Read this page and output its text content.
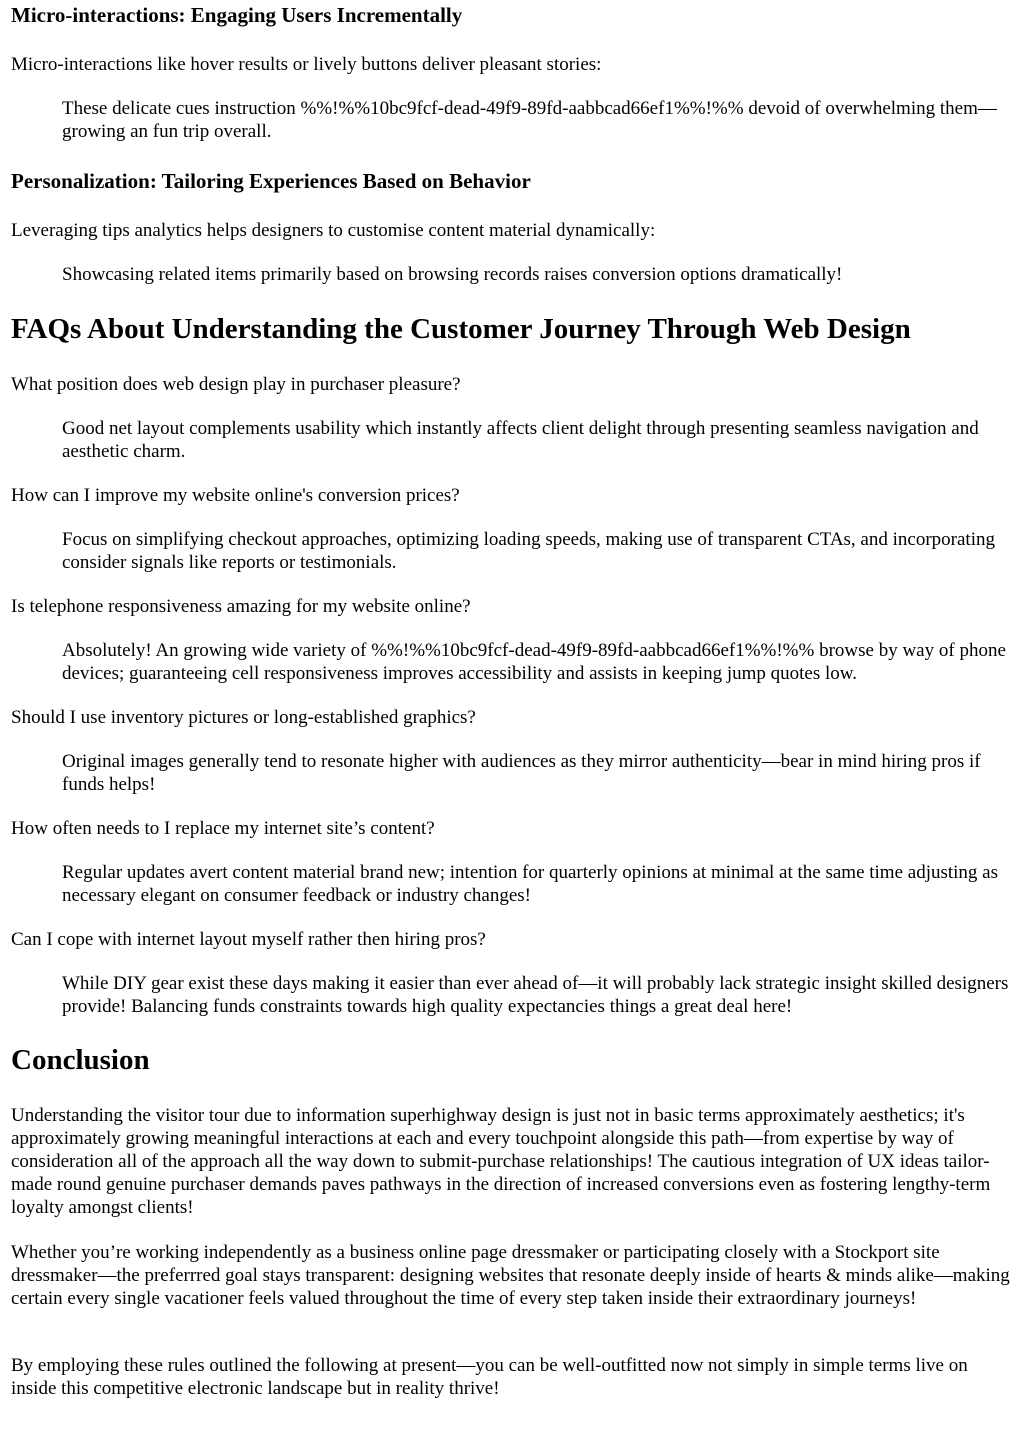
Micro-interactions: Engaging Users Incrementally

Micro-interactions like hover results or lively buttons deliver pleasant stories:

These delicate cues instruction %%!%%10bc9fcf-dead-49f9-89fd-aabbcad66ef1%%!%% devoid of overwhelming them—growing an fun trip overall.
Personalization: Tailoring Experiences Based on Behavior

Leveraging tips analytics helps designers to customise content material dynamically:

Showcasing related items primarily based on browsing records raises conversion options dramatically!
FAQs About Understanding the Customer Journey Through Web Design

What position does web design play in purchaser pleasure?

Good net layout complements usability which instantly affects client delight through presenting seamless navigation and aesthetic charm.

How can I improve my website online's conversion prices?

Focus on simplifying checkout approaches, optimizing loading speeds, making use of transparent CTAs, and incorporating consider signals like reports or testimonials.

Is telephone responsiveness amazing for my website online?

Absolutely! An growing wide variety of %%!%%10bc9fcf-dead-49f9-89fd-aabbcad66ef1%%!%% browse by way of phone devices; guaranteeing cell responsiveness improves accessibility and assists in keeping jump quotes low.

Should I use inventory pictures or long-established graphics?

Original images generally tend to resonate higher with audiences as they mirror authenticity—bear in mind hiring pros if funds helps!

How often needs to I replace my internet site’s content?

Regular updates avert content material brand new; intention for quarterly opinions at minimal at the same time adjusting as necessary elegant on consumer feedback or industry changes!

Can I cope with internet layout myself rather then hiring pros?

While DIY gear exist these days making it easier than ever ahead of—it will probably lack strategic insight skilled designers provide! Balancing funds constraints towards high quality expectancies things a great deal here!
Conclusion

Understanding the visitor tour due to information superhighway design is just not in basic terms approximately aesthetics; it's approximately growing meaningful interactions at each and every touchpoint alongside this path—from expertise by way of consideration all of the approach all the way down to submit-purchase relationships! The cautious integration of UX ideas tailor-made round genuine purchaser demands paves pathways in the direction of increased conversions even as fostering lengthy-term loyalty amongst clients!

Whether you’re working independently as a business online page dressmaker or participating closely with a Stockport site dressmaker—the preferrred goal stays transparent: designing websites that resonate deeply inside of hearts & minds alike—making certain every single vacationer feels valued throughout the time of every step taken inside their extraordinary journeys!

By employing these rules outlined the following at present—you can be well-outfitted now not simply in simple terms live on inside this competitive electronic landscape but in reality thrive!
